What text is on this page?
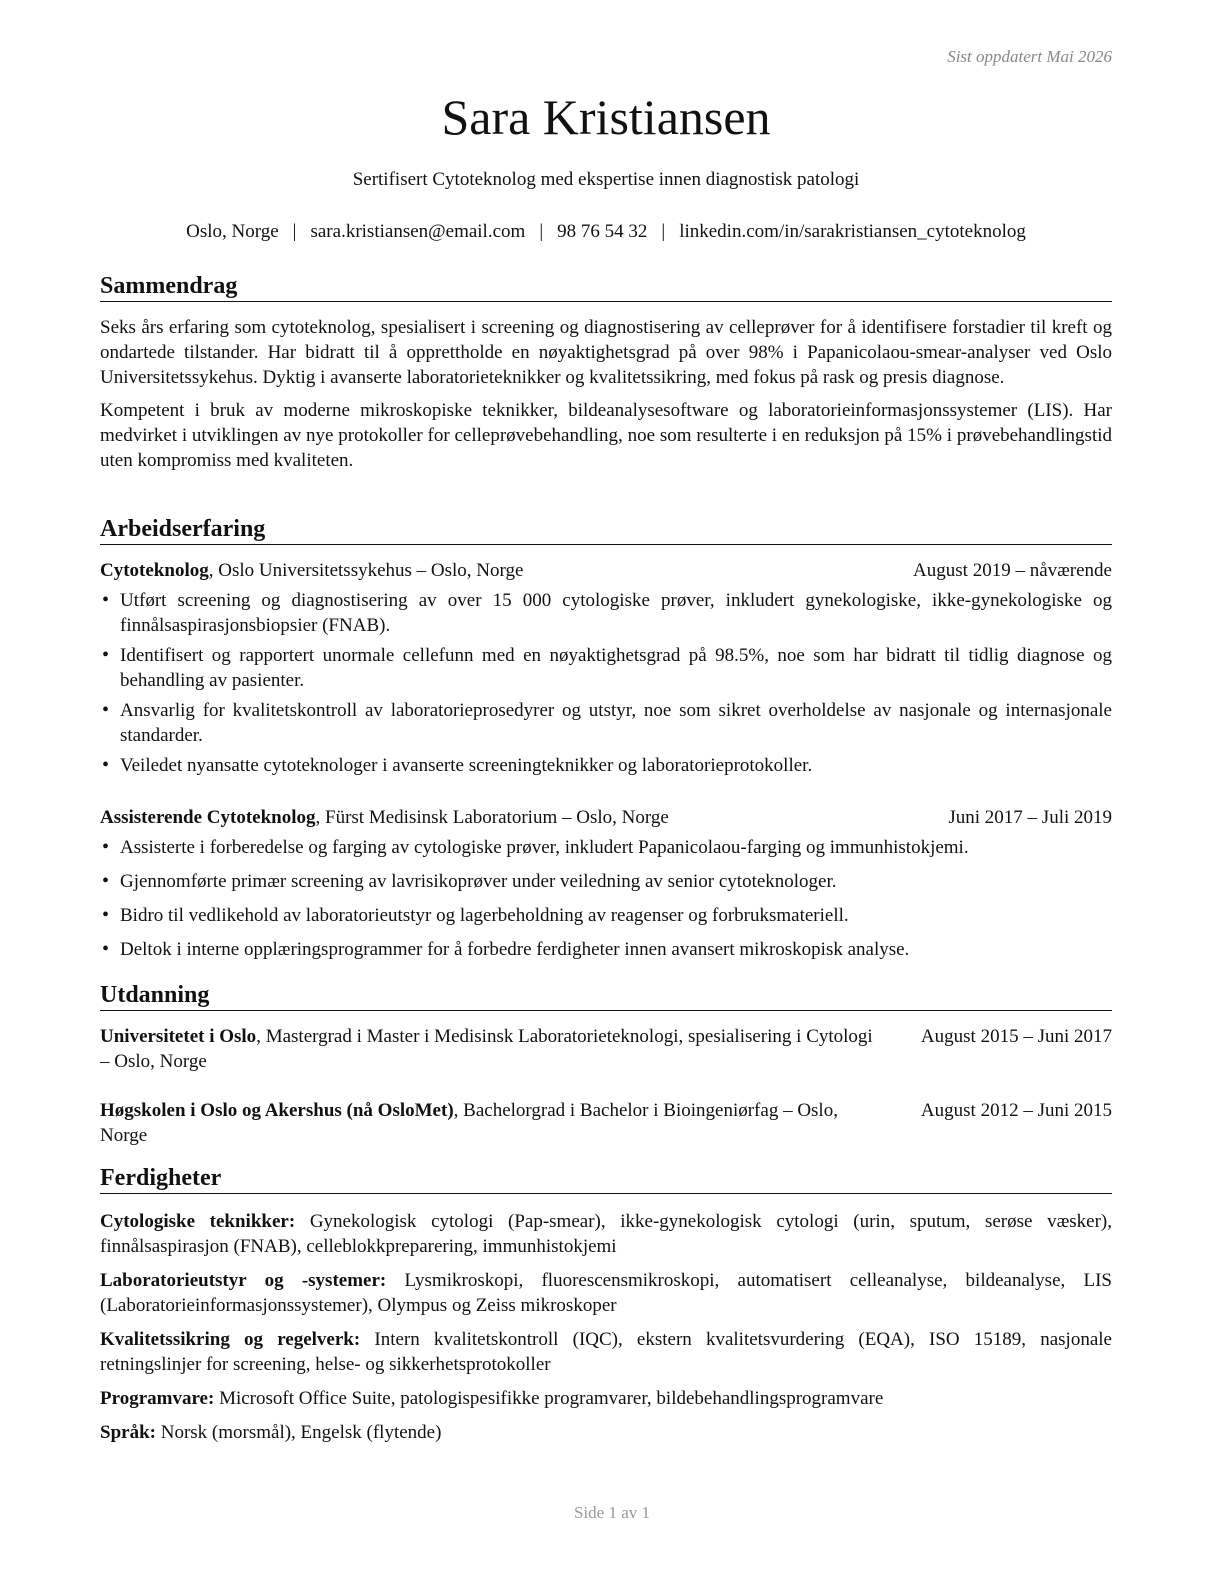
Sist oppdatert Mai 2026
Sara Kristiansen
Sertifisert Cytoteknolog med ekspertise innen diagnostisk patologi
Oslo, Norge | sara.kristiansen@email.com | 98 76 54 32 | linkedin.com/in/sarakristiansen_cytoteknolog
Sammendrag

Seks års erfaring som cytoteknolog, spesialisert i screening og diagnostisering av celleprøver for å identifisere forstadier til kreft og ondartede tilstander. Har bidratt til å opprettholde en nøyaktighetsgrad på over 98% i Papanicolaou-smear-analyser ved Oslo Universitetssykehus. Dyktig i avanserte laboratorieteknikker og kvalitetssikring, med fokus på rask og presis diagnose.

Kompetent i bruk av moderne mikroskopiske teknikker, bildeanalysesoftware og laboratorieinformasjonssystemer (LIS). Har medvirket i utviklingen av nye protokoller for celleprøvebehandling, noe som resulterte i en reduksjon på 15% i prøvebehandlingstid uten kompromiss med kvaliteten.

Arbeidserfaring
Cytoteknolog, Oslo Universitetssykehus – Oslo, Norge	August 2019 – nåværende
• Utført screening og diagnostisering av over 15 000 cytologiske prøver, inkludert gynekologiske, ikke-gynekologiske og finnålsaspirasjonsbiopsier (FNAB).
• Identifisert og rapportert unormale cellefunn med en nøyaktighetsgrad på 98.5%, noe som har bidratt til tidlig diagnose og behandling av pasienter.
• Ansvarlig for kvalitetskontroll av laboratorieprosedyrer og utstyr, noe som sikret overholdelse av nasjonale og internasjonale standarder.
• Veiledet nyansatte cytoteknologer i avanserte screeningteknikker og laboratorieprotokoller.
Assisterende Cytoteknolog, Fürst Medisinsk Laboratorium – Oslo, Norge	Juni 2017 – Juli 2019
• Assisterte i forberedelse og farging av cytologiske prøver, inkludert Papanicolaou-farging og immunhistokjemi.
• Gjennomførte primær screening av lavrisikoprøver under veiledning av senior cytoteknologer.
• Bidro til vedlikehold av laboratorieutstyr og lagerbeholdning av reagenser og forbruksmateriell.
• Deltok i interne opplæringsprogrammer for å forbedre ferdigheter innen avansert mikroskopisk analyse.
Utdanning
Universitetet i Oslo, Mastergrad i Master i Medisinsk Laboratorieteknologi, spesialisering i Cytologi – Oslo, Norge
August 2015 – Juni 2017
Høgskolen i Oslo og Akershus (nå OsloMet), Bachelorgrad i Bachelor i Bioingeniørfag – Oslo, Norge
August 2012 – Juni 2015
Ferdigheter

Cytologiske teknikker: Gynekologisk cytologi (Pap-smear), ikke-gynekologisk cytologi (urin, sputum, serøse væsker), finnålsaspirasjon (FNAB), celleblokkpreparering, immunhistokjemi

Laboratorieutstyr og -systemer: Lysmikroskopi, fluorescensmikroskopi, automatisert celleanalyse, bildeanalyse, LIS (Laboratorieinformasjonssystemer), Olympus og Zeiss mikroskoper

Kvalitetssikring og regelverk: Intern kvalitetskontroll (IQC), ekstern kvalitetsvurdering (EQA), ISO 15189, nasjonale retningslinjer for screening, helse- og sikkerhetsprotokoller

Programvare: Microsoft Office Suite, patologispesifikke programvarer, bildebehandlingsprogramvare

Språk: Norsk (morsmål), Engelsk (flytende)

Side 1 av 1
